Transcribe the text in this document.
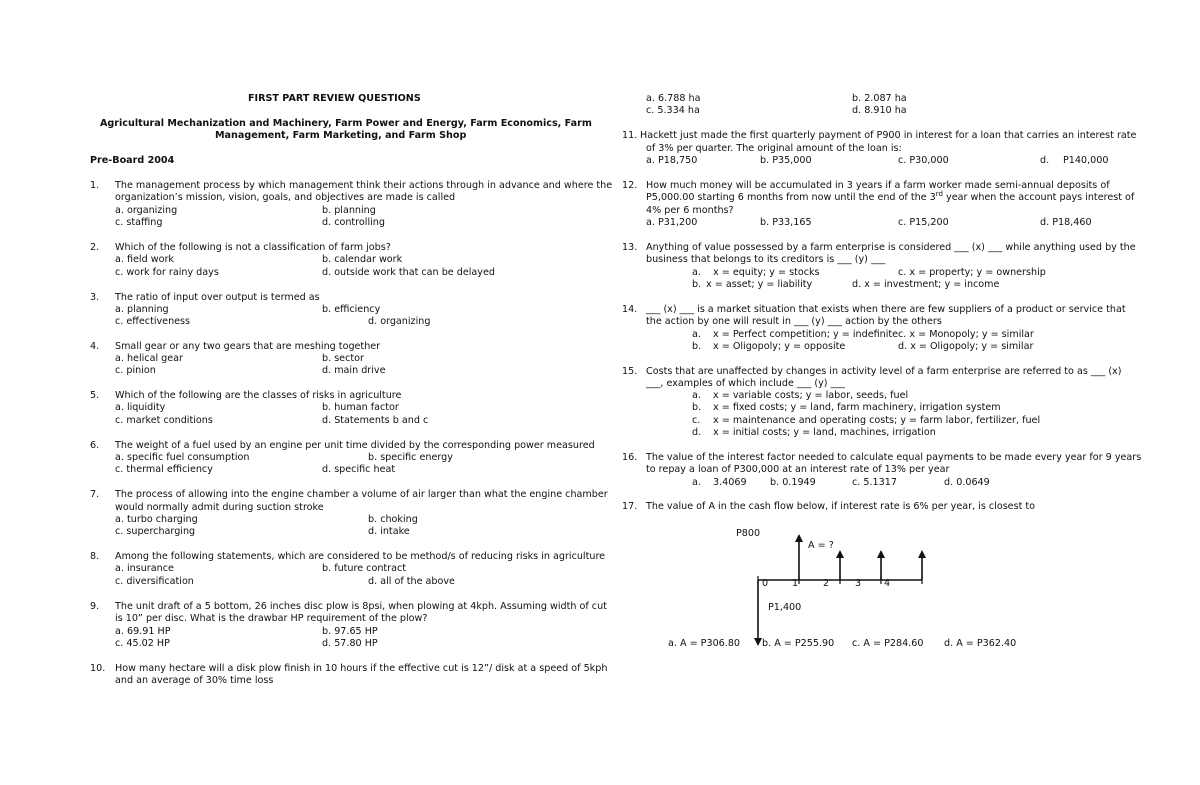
FIRST PART REVIEW QUESTIONS
Agricultural Mechanization and Machinery, Farm Power and Energy, Farm Economics, Farm
Management, Farm Marketing, and Farm Shop
Pre-Board 2004
1. The management process by which management think their actions through in advance and where the
organization’s mission, vision, goals, and objectives are made is called
a. organizing	b. planning
c. staffing	d. controlling
2. Which of the following is not a classification of farm jobs?
a. field work	b. calendar work
c. work for rainy days	d. outside work that can be delayed
3. The ratio of input over output is termed as
a. planning	b. efficiency
c. effectiveness	d. organizing
4. Small gear or any two gears that are meshing together
a. helical gear	b. sector
c. pinion	d. main drive
5. Which of the following are the classes of risks in agriculture
a. liquidity	b. human factor
c. market conditions	d. Statements b and c
6. The weight of a fuel used by an engine per unit time divided by the corresponding power measured
a. specific fuel consumption	b. specific energy
c. thermal efficiency	d. specific heat
7. The process of allowing into the engine chamber a volume of air larger than what the engine chamber
would normally admit during suction stroke
a. turbo charging	b. choking
c. supercharging	d. intake
8. Among the following statements, which are considered to be method/s of reducing risks in agriculture
a. insurance	b. future contract
c. diversification	d. all of the above
9. The unit draft of a 5 bottom, 26 inches disc plow is 8psi, when plowing at 4kph. Assuming width of cut
is 10” per disc. What is the drawbar HP requirement of the plow?
a. 69.91 HP	b. 97.65 HP
c. 45.02 HP	d. 57.80 HP
10. How many hectare will a disk plow finish in 10 hours if the effective cut is 12”/ disk at a speed of 5kph
and an average of 30% time loss
a. 6.788 ha	b. 2.087 ha
c. 5.334 ha	d. 8.910 ha
11. Hackett just made the first quarterly payment of P900 in interest for a loan that carries an interest rate
of 3% per quarter. The original amount of the loan is:
a. P18,750	b. P35,000	c. P30,000	d. P140,000
12. How much money will be accumulated in 3 years if a farm worker made semi-annual deposits of
P5,000.00 starting 6 months from now until the end of the 3rd year when the account pays interest of
4% per 6 months?
a. P31,200	b. P33,165	c. P15,200	d. P18,460
13. Anything of value possessed by a farm enterprise is considered ___ (x) ___ while anything used by the
business that belongs to its creditors is ___ (y) ___
a. x = equity; y = stocks	c. x = property; y = ownership
b. x = asset; y = liability	d. x = investment; y = income
14. ___ (x) ___ is a market situation that exists when there are few suppliers of a product or service that
the action by one will result in ___ (y) ___ action by the others
a. x = Perfect competition; y = indefinite c. x = Monopoly; y = similar
b. x = Oligopoly; y = opposite	d. x = Oligopoly; y = similar
15. Costs that are unaffected by changes in activity level of a farm enterprise are referred to as ___ (x)
___, examples of which include ___ (y) ___
a. x = variable costs; y = labor, seeds, fuel
b. x = fixed costs; y = land, farm machinery, irrigation system
c. x = maintenance and operating costs; y = farm labor, fertilizer, fuel
d. x = initial costs; y = land, machines, irrigation
16. The value of the interest factor needed to calculate equal payments to be made every year for 9 years
to repay a loan of P300,000 at an interest rate of 13% per year
a. 3.4069 b. 0.1949	c. 5.1317	d. 0.0649
17. The value of A in the cash flow below, if interest rate is 6% per year, is closest to
P800
A = ?
P1,400
0 1	2	3 4
a. A = P306.80 b. A = P255.90 c. A = P284.60 d. A = P362.40
